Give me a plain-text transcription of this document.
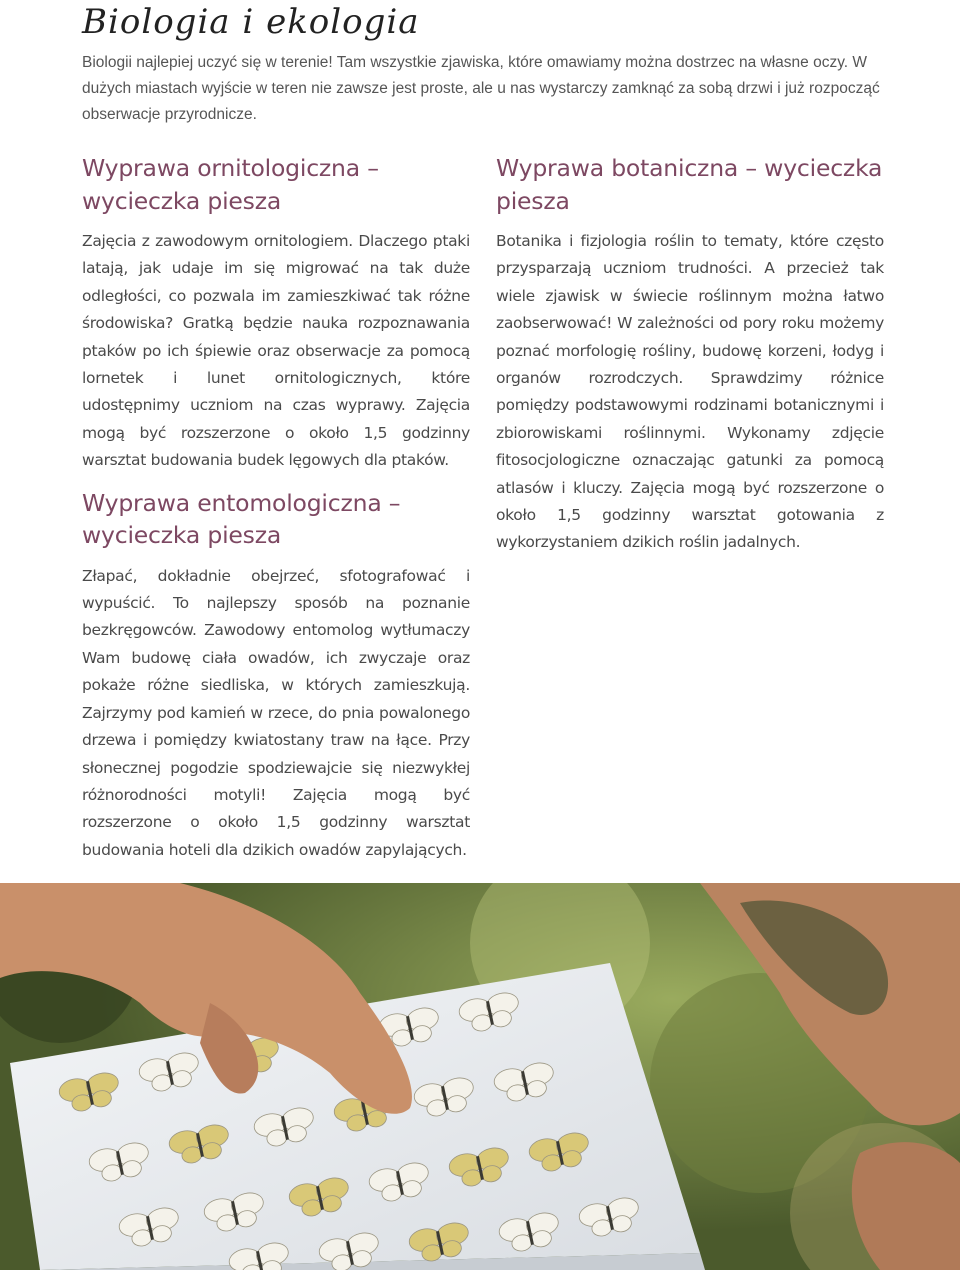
Biologia i ekologia

Biologii najlepiej uczyć się w terenie! Tam wszystkie zjawiska, które omawiamy można dostrzec na własne oczy. W dużych miastach wyjście w teren nie zawsze jest proste, ale u nas wystarczy zamknąć za sobą drzwi i już rozpocząć obserwacje przyrodnicze.

Wyprawa ornitologiczna – wycieczka piesza

Zajęcia z zawodowym ornitologiem. Dlaczego ptaki latają, jak udaje im się migrować na tak duże odległości, co pozwala im zamieszkiwać tak różne środowiska? Gratką będzie nauka rozpoznawania ptaków po ich śpiewie oraz obserwacje za pomocą lornetek i lunet ornitologicznych, które udostępnimy uczniom na czas wyprawy. Zajęcia mogą być rozszerzone o około 1,5 godzinny warsztat budowania budek lęgowych dla ptaków.

Wyprawa entomologiczna – wycieczka piesza

Złapać, dokładnie obejrzeć, sfotografować i wypuścić. To najlepszy sposób na poznanie bezkręgowców. Zawodowy entomolog wytłumaczy Wam budowę ciała owadów, ich zwyczaje oraz pokaże różne siedliska, w których zamieszkują. Zajrzymy pod kamień w rzece, do pnia powalonego drzewa i pomiędzy kwiatostany traw na łące. Przy słonecznej pogodzie spodziewajcie się niezwykłej różnorodności motyli! Zajęcia mogą być rozszerzone o około 1,5 godzinny warsztat budowania hoteli dla dzikich owadów zapylających.

Wyprawa botaniczna – wycieczka piesza

Botanika i fizjologia roślin to tematy, które często przysparzają uczniom trudności. A przecież tak wiele zjawisk w świecie roślinnym można łatwo zaobserwować! W zależności od pory roku możemy poznać morfologię rośliny, budowę korzeni, łodyg i organów rozrodczych. Sprawdzimy różnice pomiędzy podstawowymi rodzinami botanicznymi i zbiorowiskami roślinnymi. Wykonamy zdjęcie fitosocjologiczne oznaczając gatunki za pomocą atlasów i kluczy. Zajęcia mogą być rozszerzone o około 1,5 godzinny warsztat gotowania z wykorzystaniem dzikich roślin jadalnych.
